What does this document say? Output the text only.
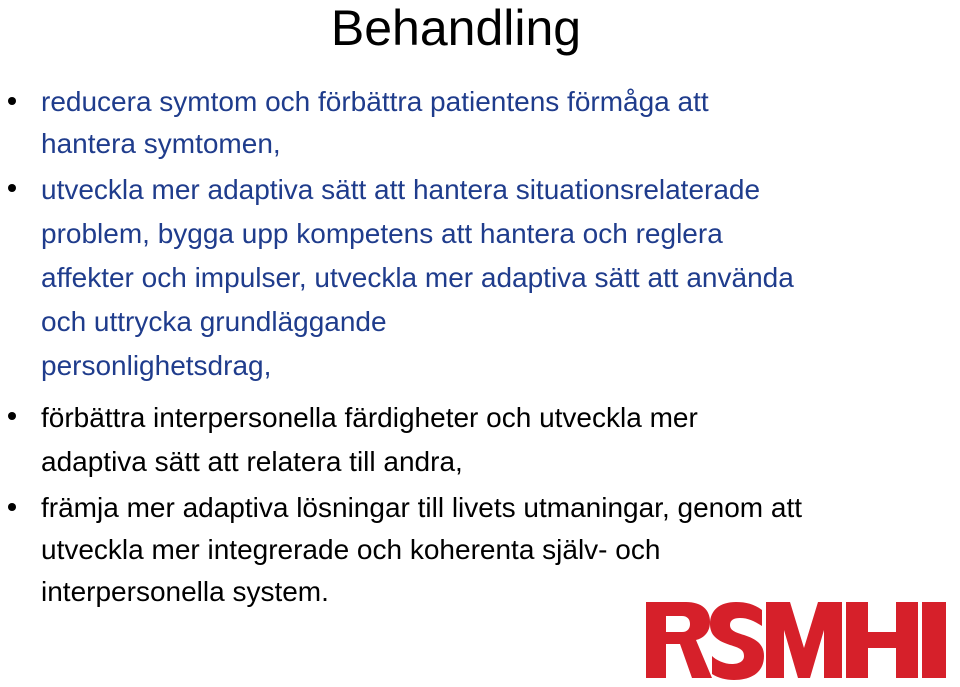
Behandling
reducera symtom och förbättra patientens förmåga att
hantera symtomen,
utveckla mer adaptiva sätt att hantera situationsrelaterade
problem, bygga upp kompetens att hantera och reglera
affekter och impulser, utveckla mer adaptiva sätt att använda
och uttrycka grundläggande
personlighetsdrag,
förbättra interpersonella färdigheter och utveckla mer
adaptiva sätt att relatera till andra,
främja mer adaptiva lösningar till livets utmaningar, genom att
utveckla mer integrerade och koherenta själv- och
interpersonella system.
